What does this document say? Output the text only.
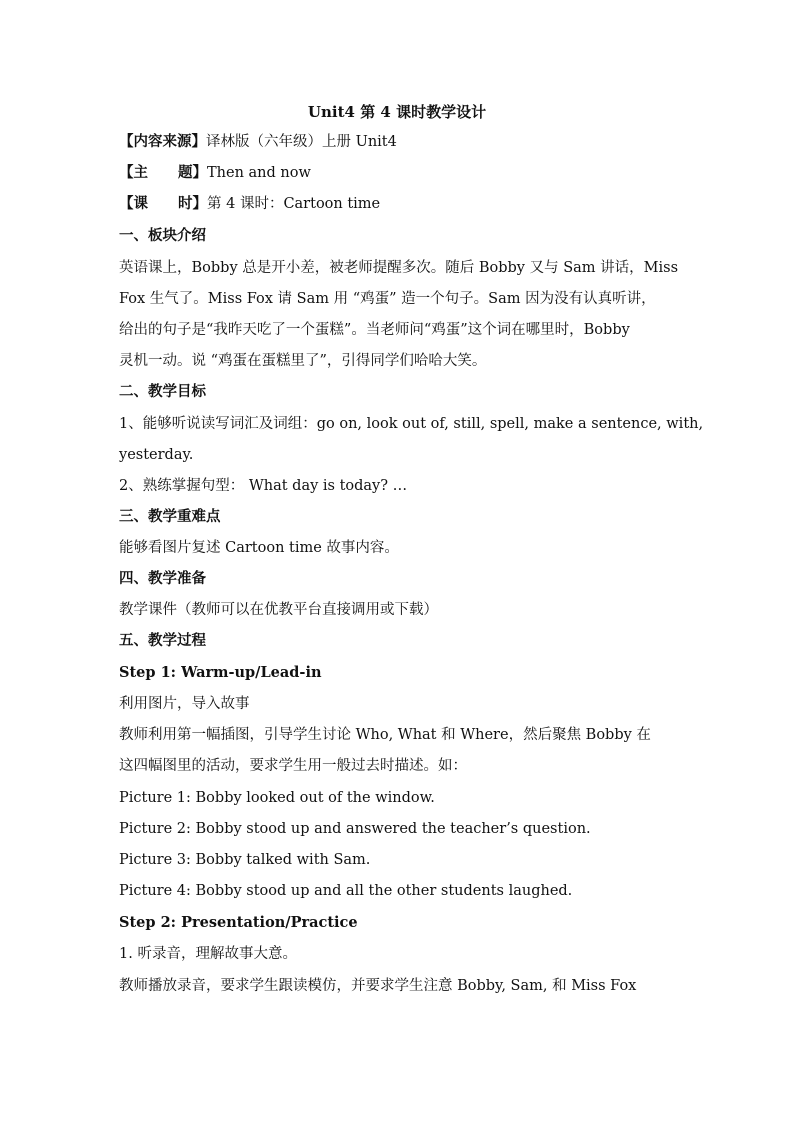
Unit4 第 4 课时教学设计
【内容来源】译林版（六年级）上册 Unit4
【主 题】Then and now
【课 时】第 4 课时：Cartoon time
一、板块介绍
英语课上，Bobby 总是开小差，被老师提醒多次。随后 Bobby 又与 Sam 讲话，Miss
Fox 生气了。Miss Fox 请 Sam 用 “鸡蛋” 造一个句子。Sam 因为没有认真听讲，
给出的句子是“我昨天吃了一个蛋糕”。当老师问“鸡蛋”这个词在哪里时，Bobby
灵机一动。说 “鸡蛋在蛋糕里了”，引得同学们哈哈大笑。
二、教学目标
1、能够听说读写词汇及词组：go on, look out of, still, spell, make a sentence, with,
yesterday.
2、熟练掌握句型： What day is today? …
三、教学重难点
能够看图片复述 Cartoon time 故事内容。
四、教学准备
教学课件（教师可以在优教平台直接调用或下载）
五、教学过程
Step 1: Warm-up/Lead-in
利用图片，导入故事
教师利用第一幅插图，引导学生讨论 Who, What 和 Where，然后聚焦 Bobby 在
这四幅图里的活动，要求学生用一般过去时描述。如：
Picture 1: Bobby looked out of the window.
Picture 2: Bobby stood up and answered the teacher’s question.
Picture 3: Bobby talked with Sam.
Picture 4: Bobby stood up and all the other students laughed.
Step 2: Presentation/Practice
1. 听录音，理解故事大意。
教师播放录音，要求学生跟读模仿，并要求学生注意 Bobby, Sam, 和 Miss Fox
